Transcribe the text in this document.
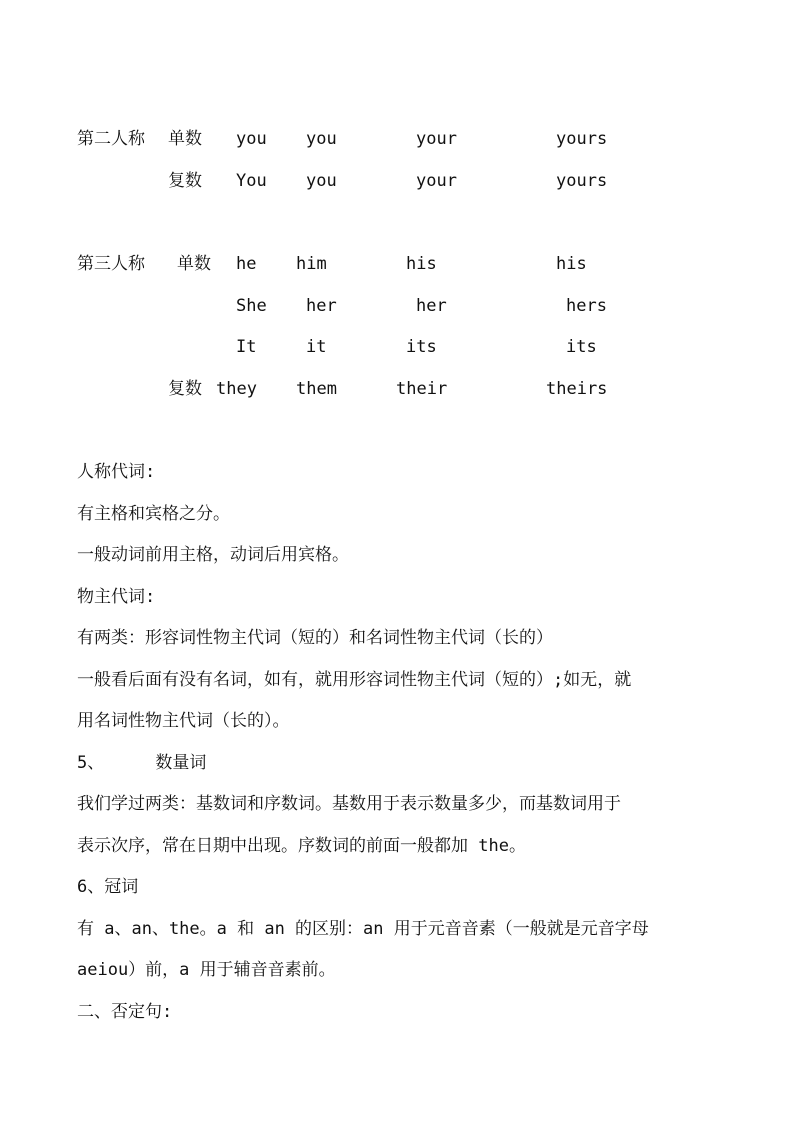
第二人称 单数 you you	your	yours
复数 You you	your	yours
第三人称 单数 he him	his	his
She her	her	hers
It	it	its	its
复数 they them	their	theirs
人称代词:
有主格和宾格之分。
一般动词前用主格，动词后用宾格。
物主代词:
有两类：形容词性物主代词（短的）和名词性物主代词（长的）
一般看后面有没有名词，如有，就用形容词性物主代词（短的）;如无，就
用名词性物主代词（长的）。
5、     数量词
我们学过两类：基数词和序数词。基数用于表示数量多少，而基数词用于
表示次序，常在日期中出现。序数词的前面一般都加 the。
6、冠词
有 a、an、the。a 和 an 的区别：an 用于元音音素（一般就是元音字母
aeiou）前，a 用于辅音音素前。
二、否定句:
